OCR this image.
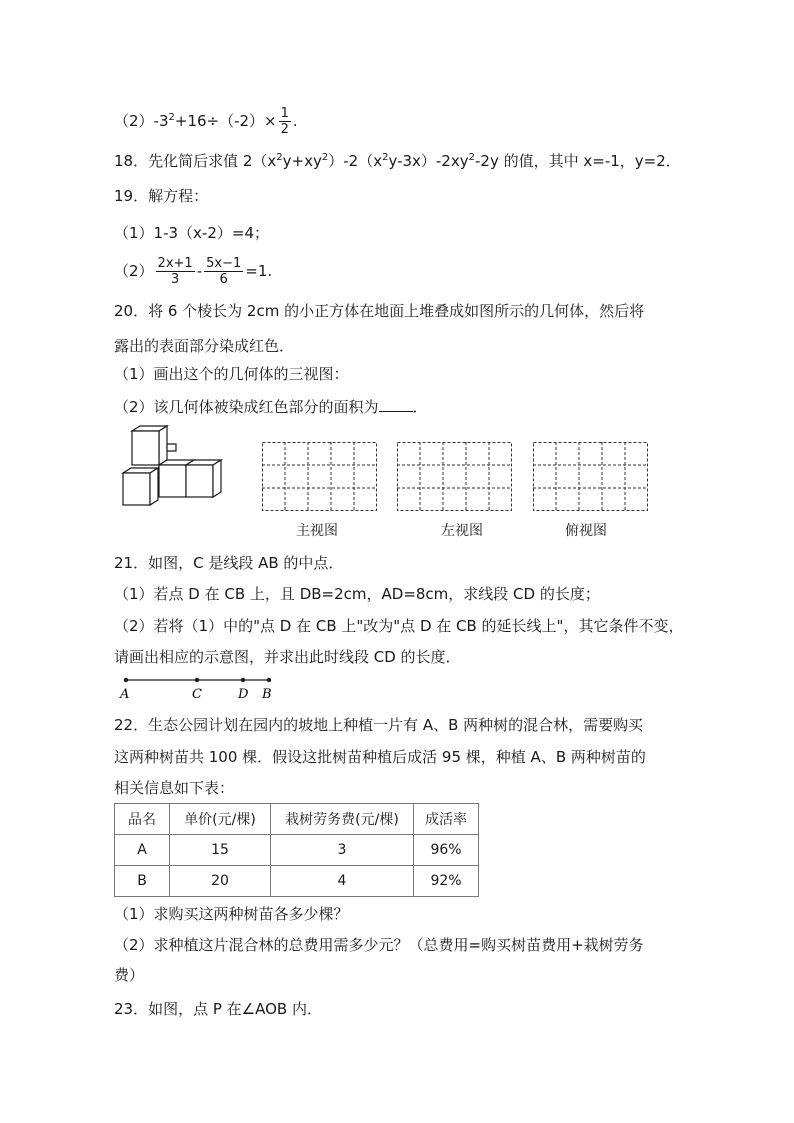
$(2)-3^2+16\div(-2)\times \frac{1}{2}$ .
18．先化简后求值 $2(x^2y+xy^2)-2(x^2y-3x)-2xy^2-2y$ 的值，其中 x=-1，y=2．
19．解方程：
（1）1-3（x-2）=4；
$(2) \frac{2x+1}{3} - \frac{5x-1}{6} =1$.
20．将 6 个棱长为 2cm 的小正方体在地面上堆叠成如图所示的几何体，然后将
露出的表面部分染成红色．
（1）画出这个的几何体的三视图：
（2）该几何体被染成红色部分的面积为 ．
主视图	左视图	俯视图
21．如图，C 是线段 AB 的中点．
（1）若点 D 在 CB 上，且 DB=2cm，AD=8cm，求线段 CD 的长度；
（2）若将（1）中的"点 D 在 CB 上"改为"点 D 在 CB 的延长线上"，其它条件不变，
请画出相应的示意图，并求出此时线段 CD 的长度．
A	C	D B
22．生态公园计划在园内的坡地上种植一片有 A、B 两种树的混合林，需要购买
这两种树苗共 100 棵．假设这批树苗种植后成活 95 棵，种植 A、B 两种树苗的
相关信息如下表：
品名	单价(元/棵)	栽树劳务费(元/棵)	成活率
A	15	3	96%
B	20	4	92%
（1）求购买这两种树苗各多少棵？
（2）求种植这片混合林的总费用需多少元？（总费用=购买树苗费用+栽树劳务
费）
23．如图，点 P 在∠AOB 内．
